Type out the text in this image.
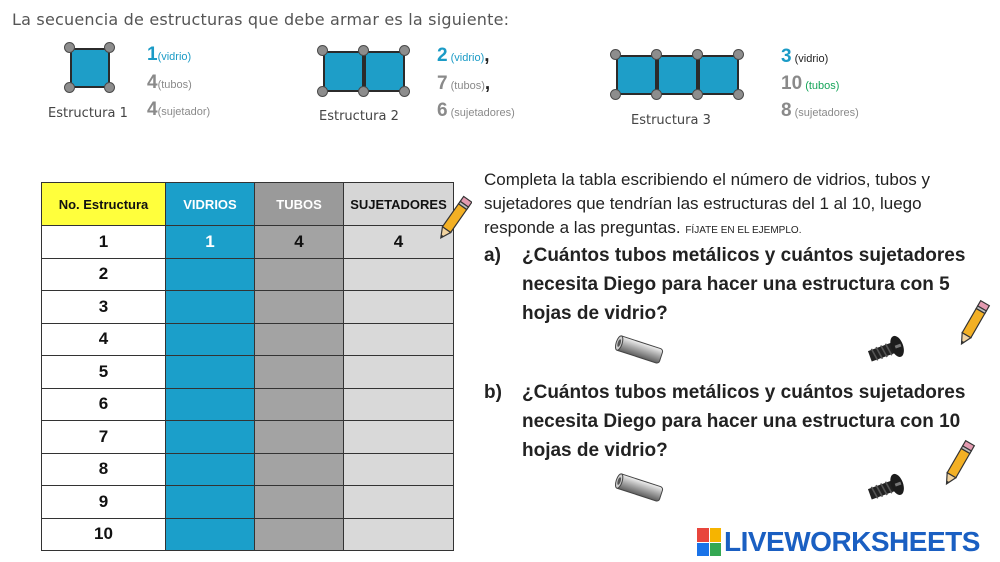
La secuencia de estructuras que debe armar es la siguiente:
Estructura 1
1(vidrio)
4(tubos)
4(sujetador)	Estructura 2
2 (vidrio),
7 (tubos),
6 (sujetadores)	Estructura 3
3 (vidrio)
10 (tubos)
8 (sujetadores)
No. Estructura	VIDRIOS	TUBOS	SUJETADORES
1	1	4	4
2			
3			
4			
5			
6			
7			
8			
9			
10			
Completa la tabla escribiendo el número de vidrios, tubos y sujetadores que tendrían las estructuras del 1 al 10, luego responde a las preguntas. FÍJATE EN EL EJEMPLO.
a) ¿Cuántos tubos metálicos y cuántos sujetadores necesita Diego para hacer una estructura con 5 hojas de vidrio?
b) ¿Cuántos tubos metálicos y cuántos sujetadores necesita Diego para hacer una estructura con 10 hojas de vidrio?
LIVEWORKSHEETS
